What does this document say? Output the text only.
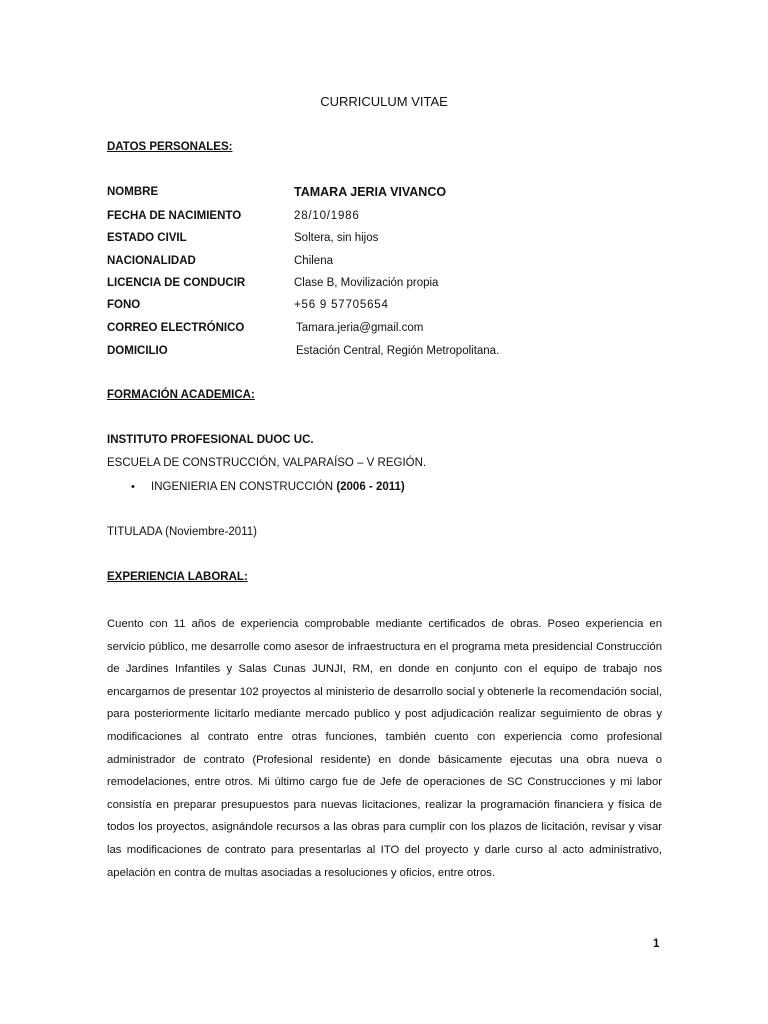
CURRICULUM VITAE
DATOS PERSONALES:
NOMBRE	TAMARA JERIA VIVANCO
FECHA DE NACIMIENTO	28/10/1986
ESTADO CIVIL	Soltera, sin hijos
NACIONALIDAD	Chilena
LICENCIA DE CONDUCIR	Clase B, Movilización propia
FONO	+56 9 57705654
CORREO ELECTRÓNICO	Tamara.jeria@gmail.com
DOMICILIO	Estación Central, Región Metropolitana.
FORMACIÓN ACADEMICA:
INSTITUTO PROFESIONAL DUOC UC.
ESCUELA DE CONSTRUCCIÓN, VALPARAÍSO – V REGIÓN.
• INGENIERIA EN CONSTRUCCIÓN (2006 - 2011)
TITULADA (Noviembre-2011)
EXPERIENCIA LABORAL:
Cuento con 11 años de experiencia comprobable mediante certificados de obras. Poseo experiencia en servicio público, me desarrolle como asesor de infraestructura en el programa meta presidencial Construcción de Jardines Infantiles y Salas Cunas JUNJI, RM, en donde en conjunto con el equipo de trabajo nos encargarnos de presentar 102 proyectos al ministerio de desarrollo social y obtenerle la recomendación social, para posteriormente licitarlo mediante mercado publico y post adjudicación realizar seguimiento de obras y modificaciones al contrato entre otras funciones, también cuento con experiencia como profesional administrador de contrato (Profesional residente) en donde básicamente ejecutas una obra nueva o remodelaciones, entre otros. Mi último cargo fue de Jefe de operaciones de SC Construcciones y mi labor consistía en preparar presupuestos para nuevas licitaciones, realizar la programación financiera y física de todos los proyectos, asignándole recursos a las obras para cumplir con los plazos de licitación, revisar y visar las modificaciones de contrato para presentarlas al ITO del proyecto y darle curso al acto administrativo, apelación en contra de multas asociadas a resoluciones y oficios, entre otros.
1
